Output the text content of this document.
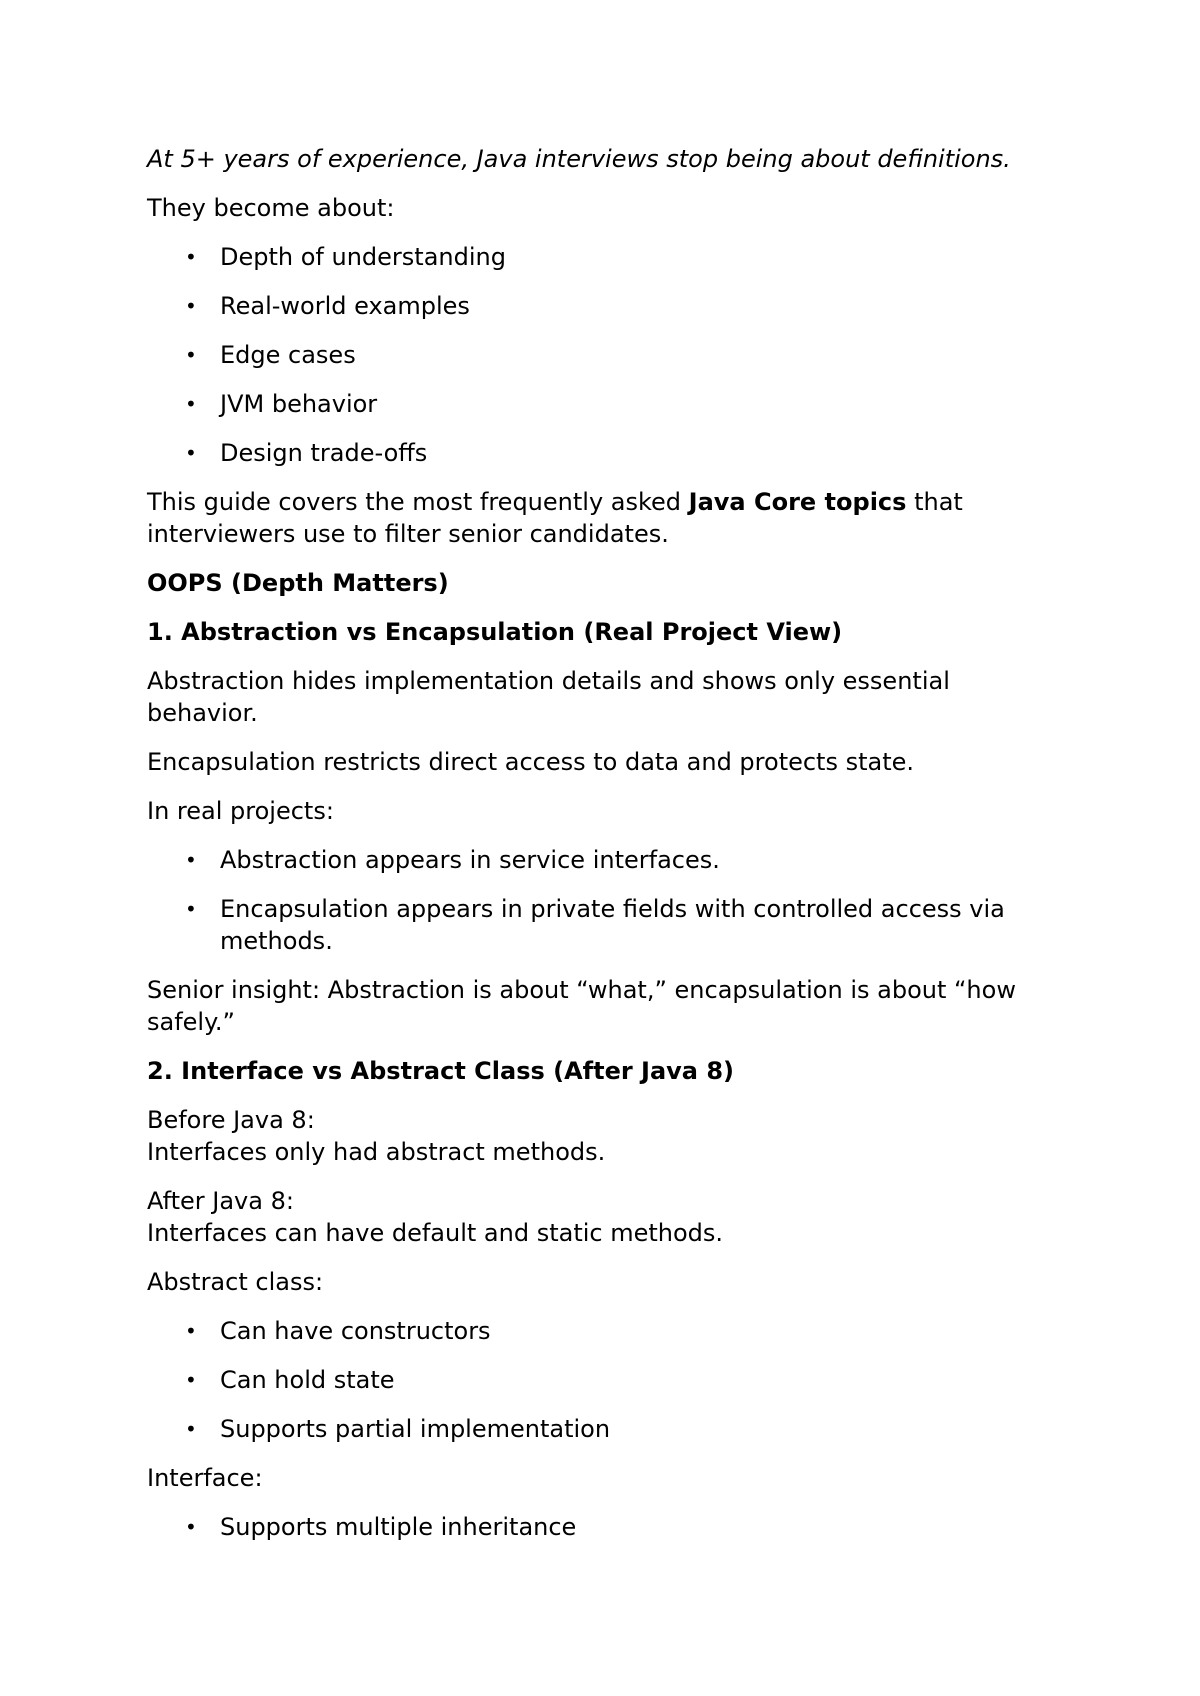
At 5+ years of experience, Java interviews stop being about definitions.

They become about:

• Depth of understanding
• Real-world examples
• Edge cases
• JVM behavior
• Design trade-offs

This guide covers the most frequently asked Java Core topics that interviewers use to filter senior candidates.

OOPS (Depth Matters)

1. Abstraction vs Encapsulation (Real Project View)

Abstraction hides implementation details and shows only essential behavior.

Encapsulation restricts direct access to data and protects state.

In real projects:

• Abstraction appears in service interfaces.
• Encapsulation appears in private fields with controlled access via methods.

Senior insight: Abstraction is about “what,” encapsulation is about “how safely.”

2. Interface vs Abstract Class (After Java 8)

Before Java 8:

Interfaces only had abstract methods.

After Java 8:

Interfaces can have default and static methods.

Abstract class:

• Can have constructors
• Can hold state
• Supports partial implementation

Interface:

• Supports multiple inheritance
